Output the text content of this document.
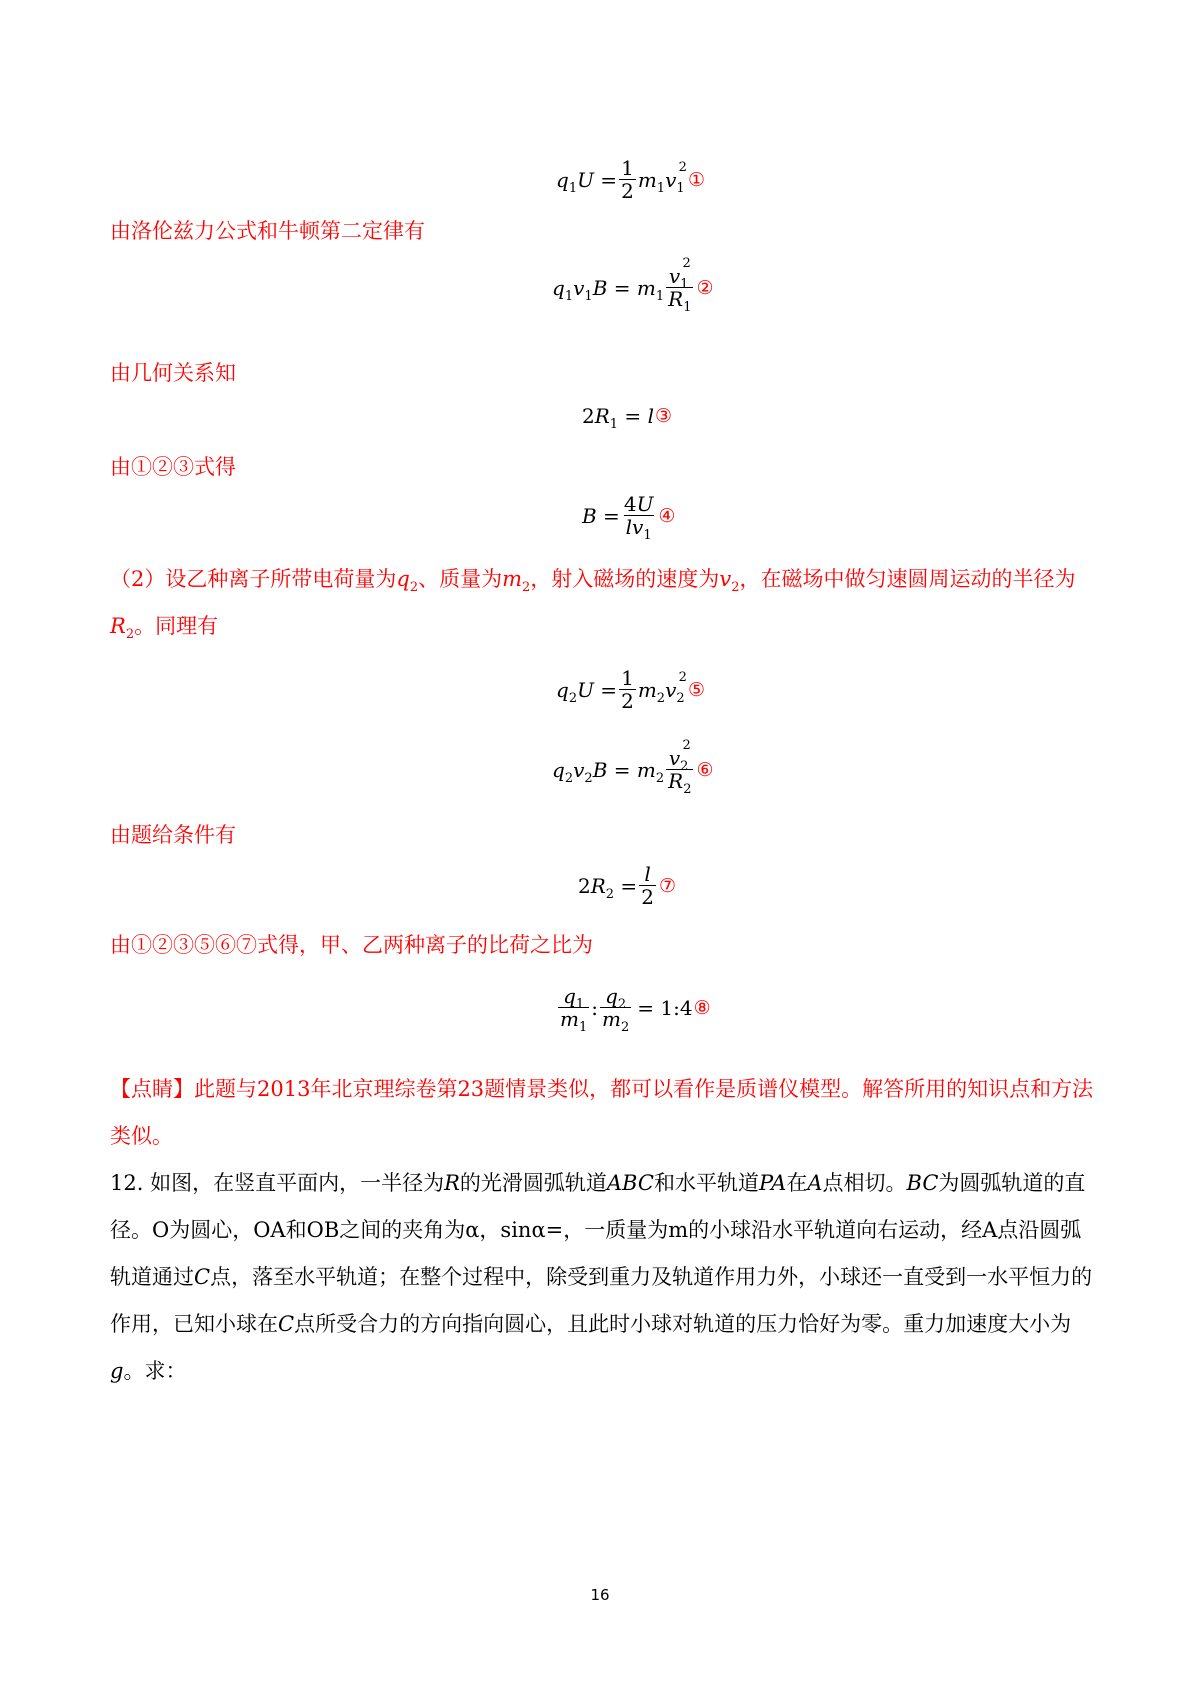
$q_1U = \frac{1}{2} m_1v_1^2$
①
由洛伦兹力公式和牛顿第二定律有
$q_1v_1B = m_1 \frac{v_1^2}{R_1}$ ②
由几何关系知
2 $R_1 = l$ ③
由①②③式得
$B = \frac{4U}{lv_1}$ ④
（2）设乙种离子所带电荷量为$q_2$、质量为$m_2$，射入磁场的速度为$v_2$，在磁场中做匀速圆周运动的半径为
$R_2$。同理有
$q_2U = \frac{1}{2} m_2v_2^2$
⑤
$q_2v_2B = m_2 \frac{v_2^2}{R_2}$ ⑥
由题给条件有
2 $R_2 = \frac{l}{2}$ ⑦
由①②③⑤⑥⑦式得，甲、乙两种离子的比荷之比为
$\frac{q_1}{m_1}$ : $\frac{q_2}{m_2}$ = 1:4 ⑧
【点睛】此题与2013年北京理综卷第23题情景类似，都可以看作是质谱仪模型。解答所用的知识点和方法类似。
12. 如图，在竖直平面内，一半径为R的光滑圆弧轨道ABC和水平轨道PA在A点相切。BC为圆弧轨道的直径。O为圆心，OA和OB之间的夹角为α，sinα=，一质量为m的小球沿水平轨道向右运动，经A点沿圆弧轨道通过C点，落至水平轨道；在整个过程中，除受到重力及轨道作用力外，小球还一直受到一水平恒力的作用，已知小球在C点所受合力的方向指向圆心，且此时小球对轨道的压力恰好为零。重力加速度大小为g。求：
16
